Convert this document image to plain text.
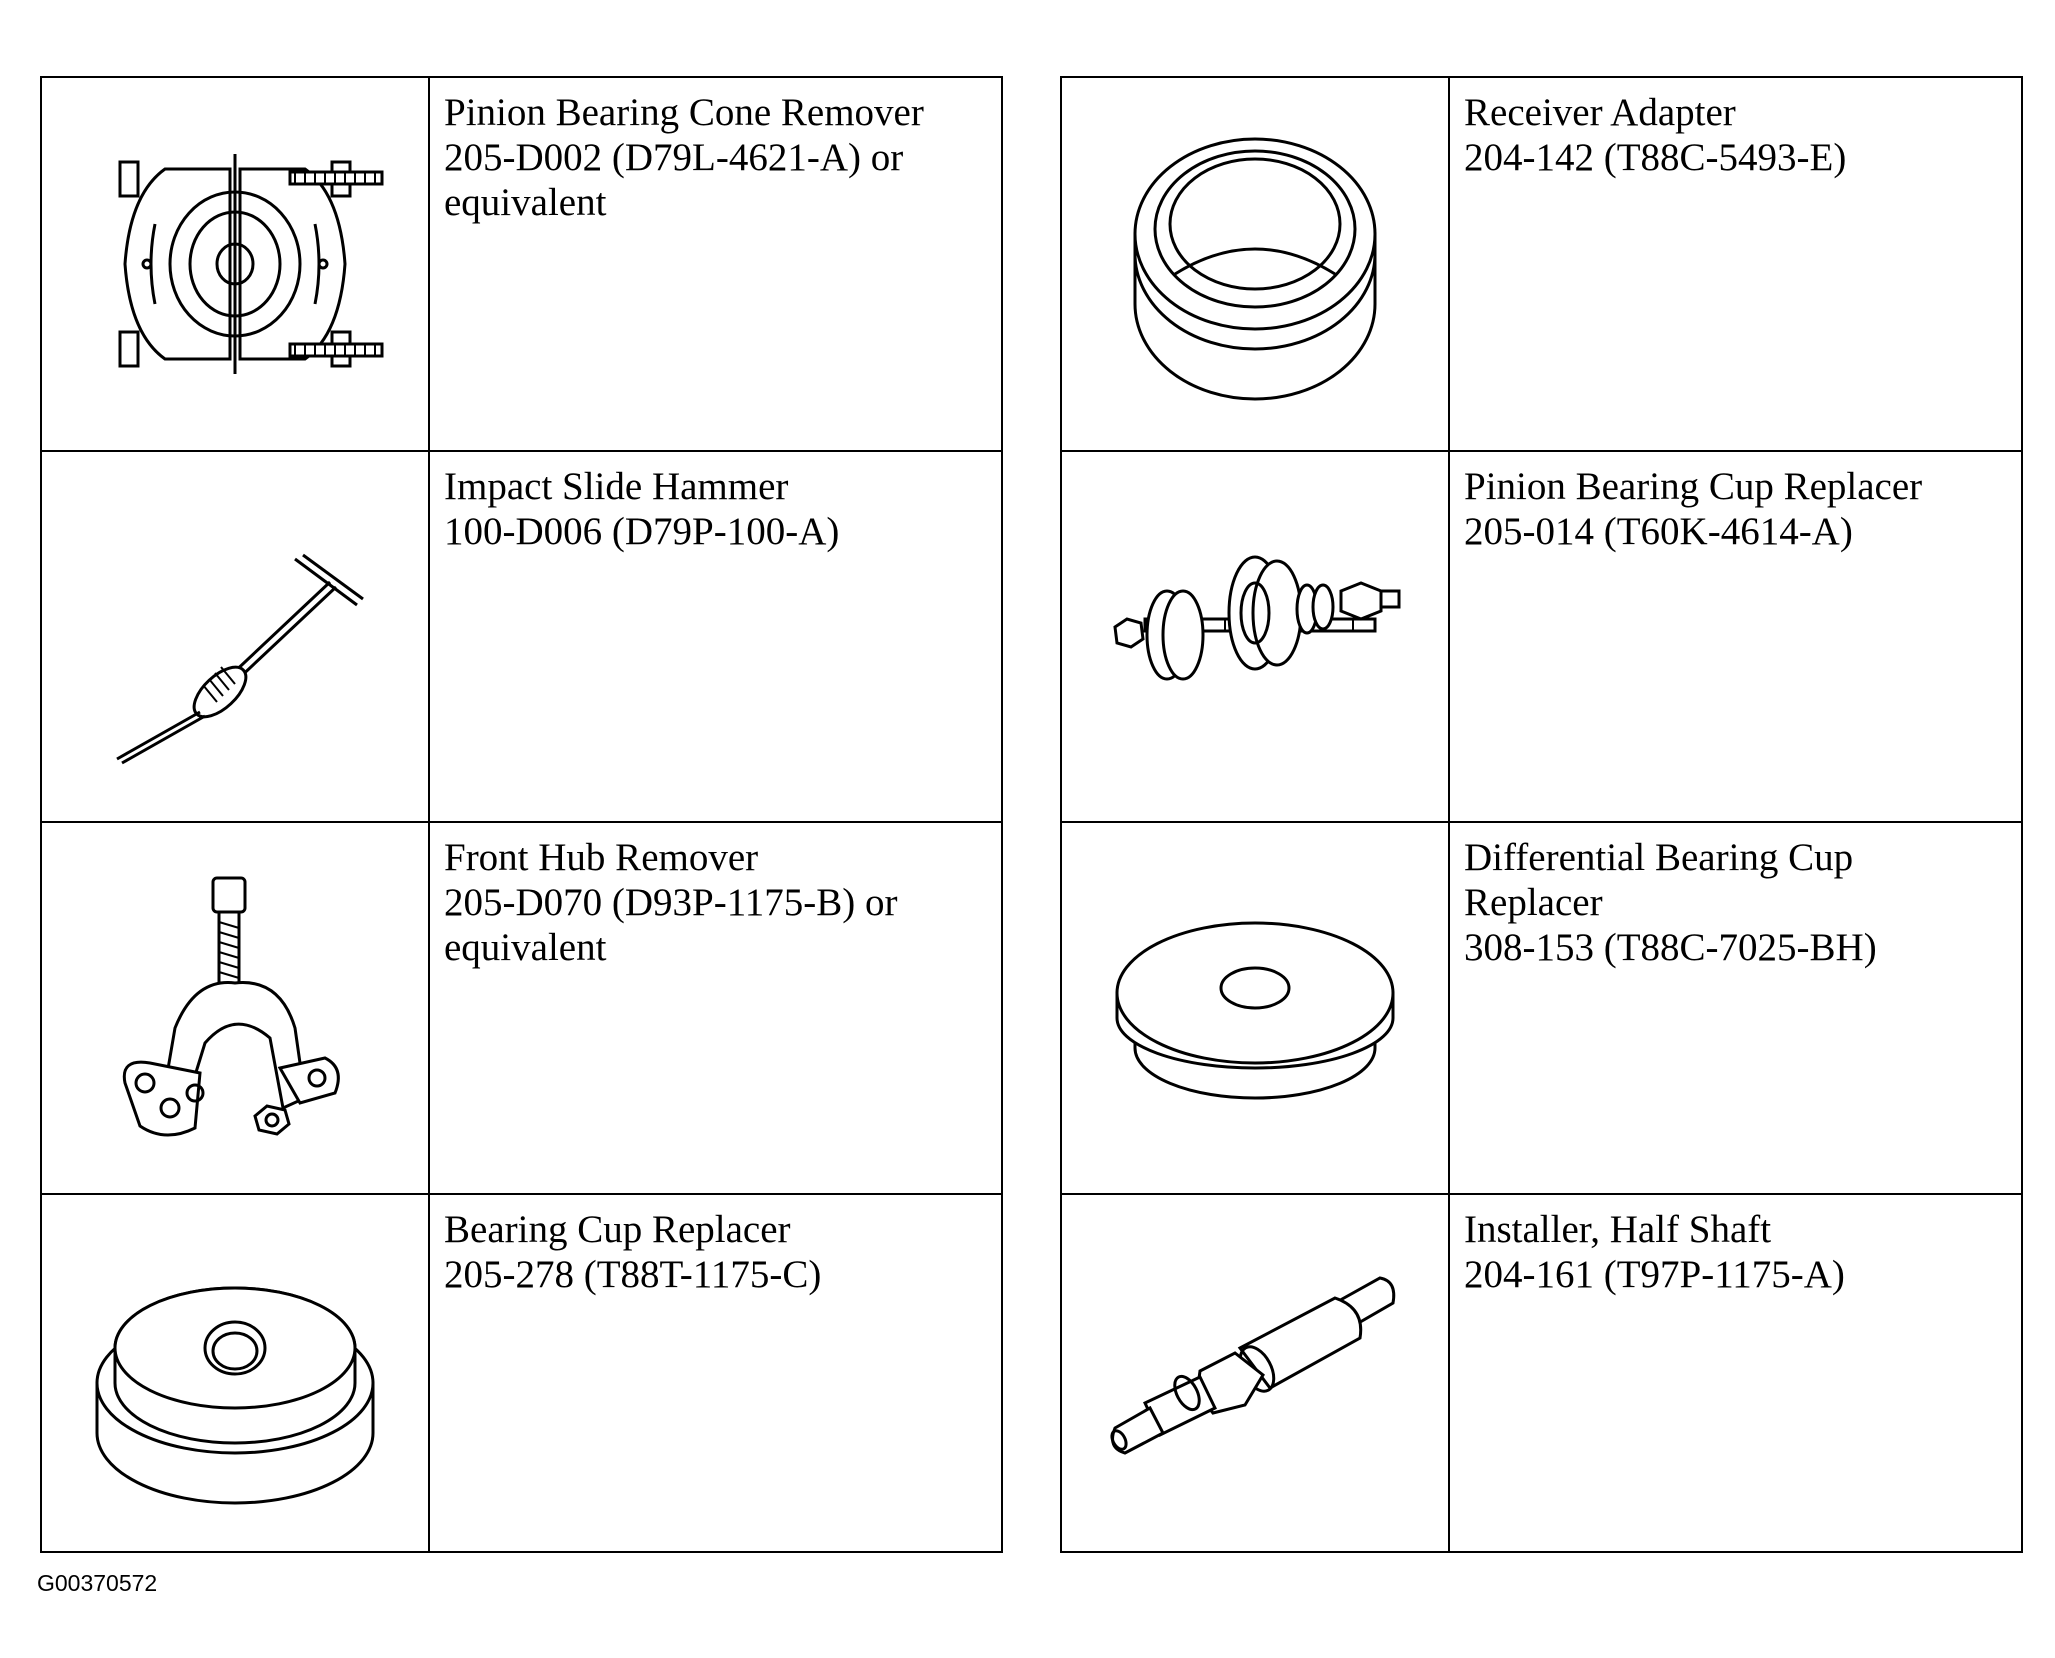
Pinion Bearing Cone Remover
205-D002 (D79L-4621-A) or
equivalent

Impact Slide Hammer
100-D006 (D79P-100-A)

Front Hub Remover
205-D070 (D93P-1175-B) or
equivalent

Bearing Cup Replacer
205-278 (T88T-1175-C)

Receiver Adapter
204-142 (T88C-5493-E)

Pinion Bearing Cup Replacer
205-014 (T60K-4614-A)

Differential Bearing Cup
Replacer
308-153 (T88C-7025-BH)

Installer, Half Shaft
204-161 (T97P-1175-A)
G00370572
